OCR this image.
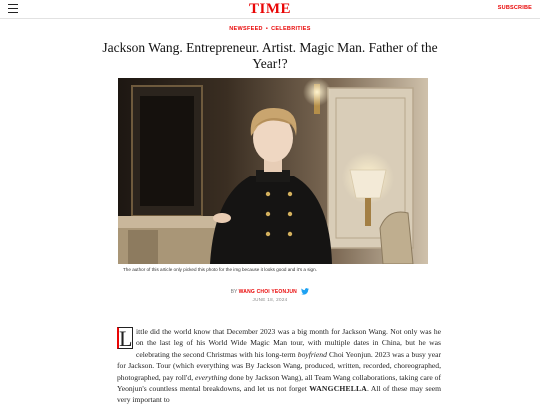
TIME	SUBSCRIBE
NEWSFEED • CELEBRITIES
Jackson Wang. Entrepreneur. Artist. Magic Man. Father of the Year!?
The author of this article only picked this photo for the img because it looks good and it's a sign.
BY WANG CHOI YEONJUN
JUNE 18, 2024

L ittle did the world know that December 2023 was a big month for Jackson Wang. Not only was he on the last leg of his World Wide Magic Man tour, with multiple dates in China, but he was celebrating the second Christmas with his long-term boyfriend Choi Yeonjun. 2023 was a busy year for Jackson. Tour (which everything was By Jackson Wang, produced, written, recorded, choreographed, photographed, pay roll'd, everything done by Jackson Wang), all Team Wang collaborations, taking care of Yeonjun's countless mental breakdowns, and let us not forget WANGCHELLA. All of these may seem very important to
